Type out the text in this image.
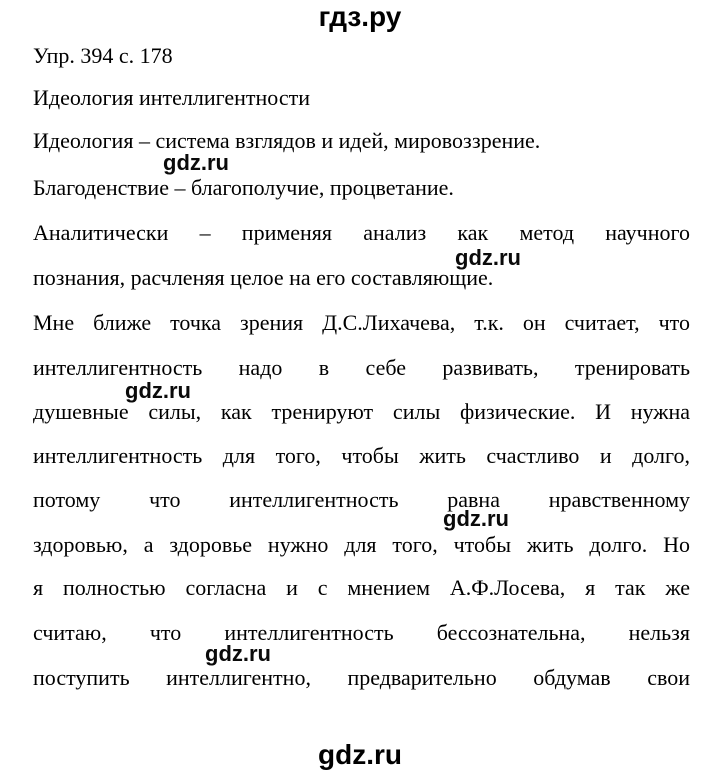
гдз.ру
Упр. 394 с. 178
Идеология интеллигентности
Идеология – система взглядов и идей, мировоззрение.
Благоденствие – благополучие, процветание.
Аналитически – применяя анализ как метод научного
познания, расчленяя целое на его составляющие.
Мне ближе точка зрения Д.С.Лихачева, т.к. он считает, что
интеллигентность надо в себе развивать, тренировать
душевные силы, как тренируют силы физические. И нужна
интеллигентность для того, чтобы жить счастливо и долго,
потому что интеллигентность равна нравственному
здоровью, а здоровье нужно для того, чтобы жить долго. Но
я полностью согласна и с мнением А.Ф.Лосева, я так же
считаю, что интеллигентность бессознательна, нельзя
поступить интеллигентно, предварительно обдумав свои
gdz.ru
gdz.ru
gdz.ru
gdz.ru
gdz.ru
gdz.ru
